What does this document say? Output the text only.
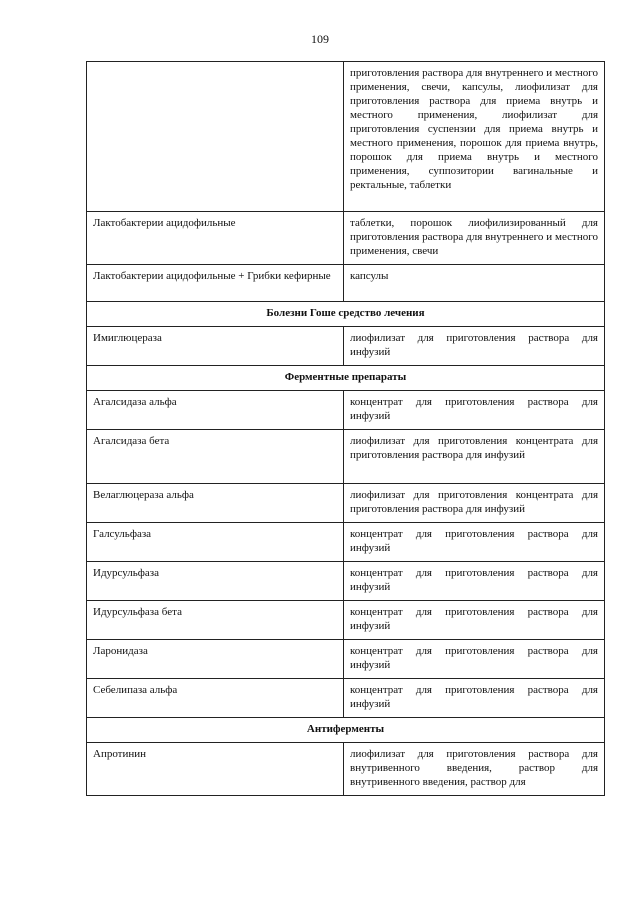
109
	приготовления раствора для внутреннего и местного применения, свечи, капсулы, лиофилизат для приготовления раствора для приема внутрь и местного применения, лиофилизат для приготовления суспензии для приема внутрь и местного применения, порошок для приема внутрь, порошок для приема внутрь и местного применения, суппозитории вагинальные и ректальные, таблетки
Лактобактерии ацидофильные	таблетки, порошок лиофилизированный для приготовления раствора для внутреннего и местного применения, свечи
Лактобактерии ацидофильные + Грибки кефирные	капсулы
Болезни Гоше средство лечения	
Имиглюцераза	лиофилизат для приготовления раствора для инфузий
Ферментные препараты	
Агалсидаза альфа	концентрат для приготовления раствора для инфузий
Агалсидаза бета	лиофилизат для приготовления концентрата для приготовления раствора для инфузий
Велаглюцераза альфа	лиофилизат для приготовления концентрата для приготовления раствора для инфузий
Галсульфаза	концентрат для приготовления раствора для инфузий
Идурсульфаза	концентрат для приготовления раствора для инфузий
Идурсульфаза бета	концентрат для приготовления раствора для инфузий
Ларонидаза	концентрат для приготовления раствора для инфузий
Себелипаза альфа	концентрат для приготовления раствора для инфузий
Антиферменты	
Апротинин	лиофилизат для приготовления раствора для внутривенного введения, раствор для внутривенного введения, раствор для
